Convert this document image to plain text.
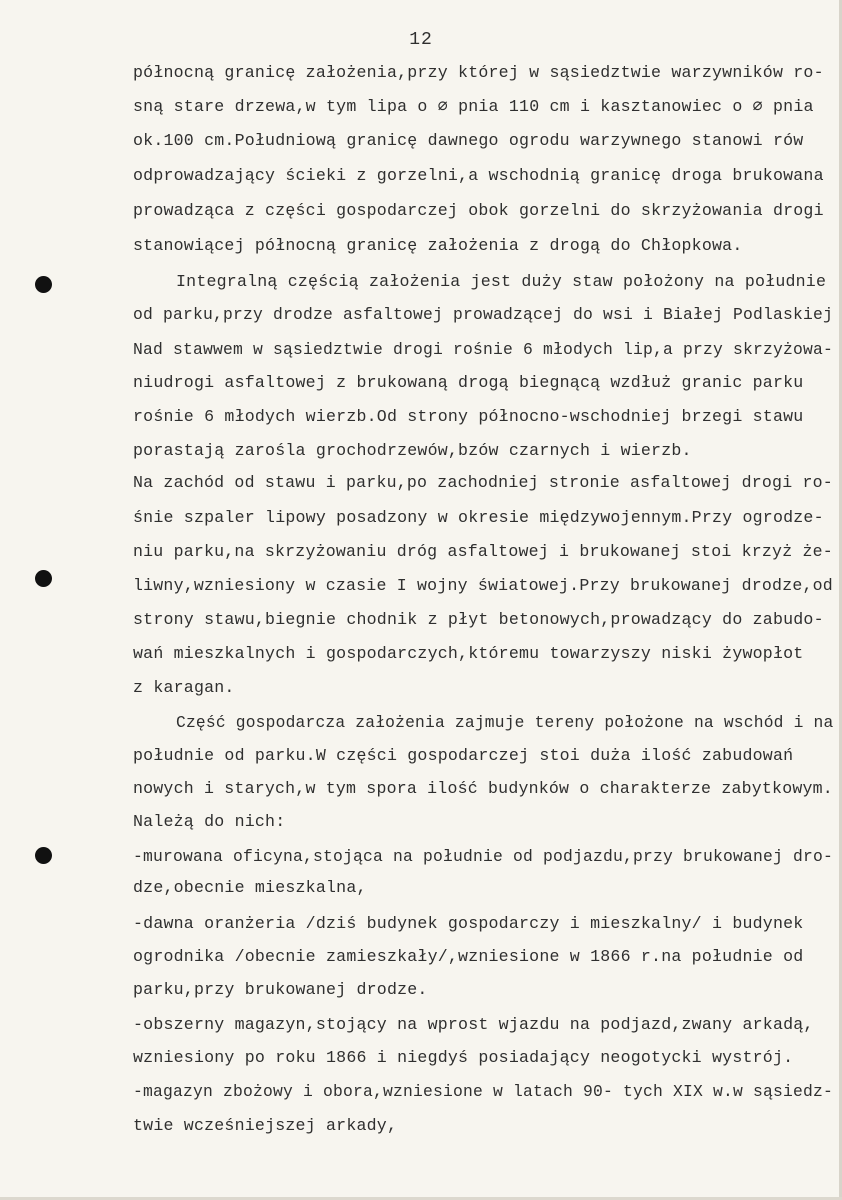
12
północną granicę założenia,przy której w sąsiedztwie warzywników ro-
sną stare drzewa,w tym lipa o ∅ pnia 110 cm i kasztanowiec o ∅ pnia
ok.100 cm.Południową granicę dawnego ogrodu warzywnego stanowi rów
odprowadzający ścieki z gorzelni,a wschodnią granicę droga brukowana
prowadząca z części gospodarczej obok gorzelni do skrzyżowania drogi
stanowiącej północną granicę założenia z drogą do Chłopkowa.
Integralną częścią założenia jest duży staw położony na południe
od parku,przy drodze asfaltowej prowadzącej do wsi i Białej Podlaskiej
Nad stawwem w sąsiedztwie drogi rośnie 6 młodych lip,a przy skrzyżowa-
niudrogi asfaltowej z brukowaną drogą biegnącą wzdłuż granic parku
rośnie 6 młodych wierzb.Od strony północno-wschodniej brzegi stawu
porastają zarośla grochodrzewów,bzów czarnych i wierzb.
Na zachód od stawu i parku,po zachodniej stronie asfaltowej drogi ro-
śnie szpaler lipowy posadzony w okresie międzywojennym.Przy ogrodze-
niu parku,na skrzyżowaniu dróg asfaltowej i brukowanej stoi krzyż że-
liwny,wzniesiony w czasie I wojny światowej.Przy brukowanej drodze,od
strony stawu,biegnie chodnik z płyt betonowych,prowadzący do zabudo-
wań mieszkalnych i gospodarczych,któremu towarzyszy niski żywopłot
z karagan.
Część gospodarcza założenia zajmuje tereny położone na wschód i na
południe od parku.W części gospodarczej stoi duża ilość zabudowań
nowych i starych,w tym spora ilość budynków o charakterze zabytkowym.
Należą do nich:
-murowana oficyna,stojąca na południe od podjazdu,przy brukowanej dro-
dze,obecnie mieszkalna,
-dawna oranżeria /dziś budynek gospodarczy i mieszkalny/ i budynek
ogrodnika /obecnie zamieszkały/,wzniesione w 1866 r.na południe od
parku,przy brukowanej drodze.
-obszerny magazyn,stojący na wprost wjazdu na podjazd,zwany arkadą,
wzniesiony po roku 1866 i niegdyś posiadający neogotycki wystrój.
-magazyn zbożowy i obora,wzniesione w latach 90- tych XIX w.w sąsiedz-
twie wcześniejszej arkady,
